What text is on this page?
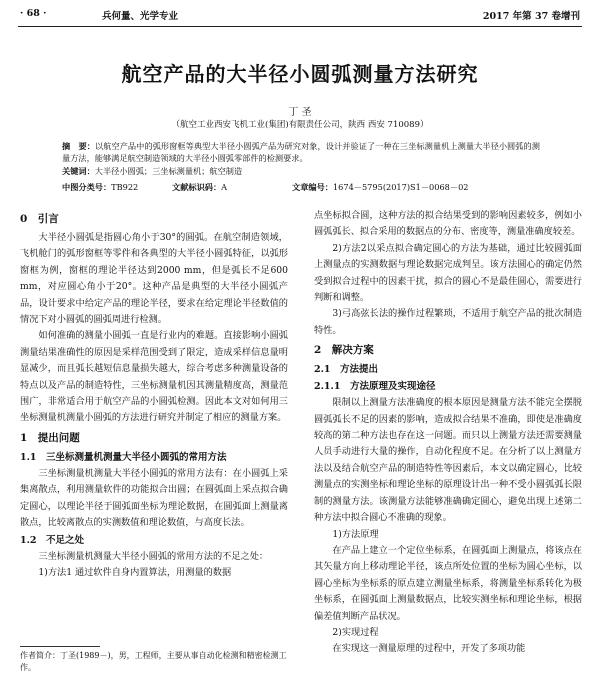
· 68 ·	兵何量、光学专业	2017 年第 37 卷增刊
航空产品的大半径小圆弧测量方法研究
丁 圣
（航空工业西安飞机工业(集团)有限责任公司，陕西 西安 710089）
摘　要：以航空产品中的弧形窗框等典型大半径小圆弧产品为研究对象，设计并验证了一种在三坐标测量机上测量大半径小圆弧的测量方法，能够满足航空制造领域的大半径小圆弧零部件的检测要求。
关键词：大半径小圆弧；三坐标测量机；航空制造
中图分类号： TB922	文献标识码： A	文章编号： 1674－5795(2017)S1－0068－02
0　引言

大半径小圆弧是指圆心角小于30°的圆弧。在航空制造领域，飞机舱门的弧形窗框等零件和各典型的大半径小圆弧特征，以弧形窗框为例，窗框的理论半径达到2000 mm，但是弧长不足600 mm，对应圆心角小于20°。这种产品是典型的大半径小圆弧产品，设计要求中给定产品的理论半径，要求在给定理论半径数值的情况下对小圆弧的圆弧周进行检测。

如何准确的测量小圆弧一直是行业内的难题。直接影响小圆弧测量结果准确性的原因是采样范围受到了限定，造成采样信息量明显减少，而且弧长越短信息量损失越大，综合考虑多种测量设备的特点以及产品的制造特性，三坐标测量机因其测量精度高，测量范围广，非常适合用于航空产品的小圆弧检测。因此本文对如何用三坐标测量机测量小圆弧的方法进行研究并制定了相应的测量方案。

1　提出问题
1.1　三坐标测量机测量大半径小圆弧的常用方法

三坐标测量机测量大半径小圆弧的常用方法有：在小圆弧上采集离散点，利用测量软件的功能拟合出圆；在圆弧面上采点拟合确定圆心，以理论半径于圆弧面坐标为理论数据，在圆弧面上测量离散点，比较离散点的实测数值和理论数值，与高度长法。

1.2　不足之处

三坐标测量机测量大半径小圆弧的常用方法的不足之处：

1)方法1 通过软件自身内置算法，用测量的数据

点坐标拟合圆，这种方法的拟合结果受到的影响因素较多，例如小圆弧弧长、拟合采用的数据点的分布、密度等，测量准确度较差。

2)方法2以采点拟合确定圆心的方法为基础，通过比较圆弧面上测量点的实测数据与理论数据完成判呈。该方法圆心的确定仍然受到拟合过程中的因素干扰，拟合的圆心不是最佳圆心，需要进行判断和调整。

3)弓高弦长法的操作过程繁琐，不适用于航空产品的批次制造特性。

2　解决方案
2.1　方法提出
2.1.1　方法原理及实现途径

限制以上测量方法准确度的根本原因是测量方法不能完全摆脱圆弧弧长不足的因素的影响，造成拟合结果不准确，即使是准确度较高的第二种方法也存在这一问题。而只以上测量方法还需要测量人员手动进行大量的操作，自动化程度不足。在分析了以上测量方法以及结合航空产品的制造特性等因素后，本文以确定圆心，比较测量点的实测坐标和理论坐标的原理设计出一种不受小圆弧弧长限制的测量方法。该测量方法能够准确确定圆心，避免出现上述第二种方法中拟合圆心不准确的现象。

1)方法原理

在产品上建立一个定位坐标系，在圆弧面上测量点，将该点在其矢量方向上移动理论半径，该点所处位置的坐标为圆心坐标，以圆心坐标为坐标系的原点建立测量坐标系，将测量坐标系转化为极坐标系，在圆弧面上测量数据点，比较实测坐标和理论坐标，根据偏差值判断产品状况。

2)实现过程

在实现这一测量原理的过程中，开发了多项功能

作者简介：丁圣(1989－)，男，工程师，主要从事自动化检测和精密检测工作。
